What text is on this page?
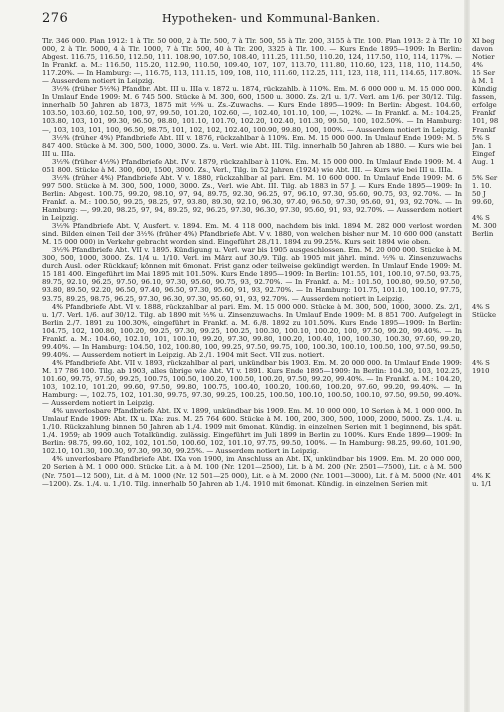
276	Hypotheken- und Kommunal-Banken.

Tlr. 346 000. Plan 1912: 1 à Tlr. 50 000, 2 à Tlr. 500, 7 à Tlr. 500, 55 à Tlr. 200, 3155 à Tlr. 100. Plan 1913: 2 à Tlr. 10 000, 2 à Tlr. 5000, 4 à Tlr. 1000, 7 à Tlr. 500, 40 à Tlr. 200, 3325 à Tlr. 100. — Kurs Ende 1895—1909: In Berlin: Abgest. 116.75, 116.50, 112.50, 111. 108.90, 107.50, 108.40, 111.25, 111.50, 110.20, 124, 117.50, 110, 114, 117%. — In Frankf. a. M.: 116.50, 115.20, 112.90, 110.50, 109.40, 107, 107, 113.70, 111.80, 110.60, 123, 118, 110, 114.50, 117.20%. — In Hamburg: —, 116.75, 113, 111.15, 109, 108, 110, 111.60, 112.25, 111, 123, 118, 111, 114.65, 117.80%. — Ausserdem notiert in Leipzig.

3½% (früher 5½%) Pfandbr. Abt. III u. IIIa v. 1872 u. 1874, rückzahlb. à 110%. Em. M. 6 000 000 u. M. 15 000 000. In Umlauf Ende 1909: M. 6 745 500. Stücke à M. 300, 600, 1500 u. 3000. Zs. 2/1 u. 1/7. Verl. am 1/6. per 30/12. Tilg. innerhalb 50 Jahren ab 1873, 1875 mit ½% u. Zs.-Zuwachs. — Kurs Ende 1895—1909: In Berlin: Abgest. 104.60, 103.50, 103.60, 102.50, 100, 97, 99.50, 101.20, 102.60, —, 102.40, 101.10, 100, —, 102%. — In Frankf. a. M.: 104.25, 103.80, 103, 101, 99.30, 96.50, 98.80, 101.10, 101.70, 102.20, 102.40, 101.30, 99.50, 100, 102.50%. — In Hamburg: —, 103, 103, 101, 100, 96.50, 98.75, 101, 102, 102, 102.40, 100.90, 99.80, 100, 100%. — Ausserdem notiert in Leipzig.

3½% (früher 4%) Pfandbriefe Abt. III v. 1876, rückzahlbar à 110%. Em. M. 15 000 000. In Umlauf Ende 1909: M. 5 847 400. Stücke à M. 300, 500, 1000, 3000. Zs. u. Verl. wie Abt. III. Tilg. innerhalb 50 Jahren ab 1880. — Kurs wie bei III u. IIIa.

3½% (früher 4½%) Pfandbriefe Abt. IV v. 1879, rückzahlbar à 110%. Em. M. 15 000 000. In Umlauf Ende 1909: M. 4 051 800. Stücke à M. 300, 600, 1500, 3000. Zs., Verl., Tilg. in 52 Jahren (1924) wie Abt. III. — Kurs wie bei III u. IIIa.

3½% (früher 4%) Pfandbriefe Abt. V v. 1880, rückzahlbar al pari. Em. M. 10 600 000. In Umlauf Ende 1909: M. 6 997 500. Stücke à M. 300, 500, 1000, 3000. Zs., Verl. wie Abt. III. Tilg. ab 1883 in 57 J. — Kurs Ende 1895—1909: In Berlin: Abgest. 100.75, 99.20, 98.10, 97, 94, 89.75, 92.30, 96.25, 97, 96.10, 97.30, 95.60, 90.75, 93, 92.70%. — In Frankf. a. M.: 100.50, 99.25, 98.25, 97, 93.80, 89.30, 92.10, 96.30, 97.40, 96.50, 97.30, 95.60, 91, 93, 92.70%. — In Hamburg: —, 99.20, 98.25, 97, 94, 89.25, 92, 96.25, 97.30, 96.30, 97.30, 95.60, 91, 93, 92.70%. — Ausserdem notiert in Leipzig.

3½% Pfandbriefe Abt. V, Ausfert. v. 1894. Em. M. 4 118 000, nachdem bis inkl. 1894 M. 282 000 verlost worden sind. Bilden einen Teil der 3½% (früher 4%) Pfandbriefe Abt. V v. 1880, von welchen bisher nur M. 10 600 000 (anstatt M. 15 000 000) in Verkehr gebracht worden sind. Eingeführt 28./11. 1894 zu 99.25%. Kurs seit 1894 wie oben.

3½% Pfandbriefe Abt. VII v. 1895. Kündigung u. Verl. war bis 1905 ausgeschlossen. Em. M. 20 000 000. Stücke à M. 300, 500, 1000, 3000. Zs. 1/4 u. 1/10. Verl. im März auf 30./9. Tilg. ab 1905 mit jährl. mind. ½% u. Zinsenzuwachs durch Ausl. oder Rückkauf; können mit 6monat. Frist ganz oder teilweise gekündigt werden. In Umlauf Ende 1909: M. 15 181 400. Eingeführt im Mai 1895 mit 101.50%. Kurs Ende 1895—1909: In Berlin: 101.55, 101, 100.10, 97.50, 93.75, 89.75, 92.10, 96.25, 97.50, 96.10, 97.30, 95.60, 90.75, 93, 92.70%. — In Frankf. a. M.: 101.50, 100.80, 99.50, 97.50, 93.80, 89.50, 92.20, 96.50, 97.40, 96.50, 97.30, 95.60, 91, 93, 92.70%. — In Hamburg: 101.75, 101.10, 100.10, 97.75, 93.75, 89.25, 98.75, 96.25, 97.30, 96.30, 97.30, 95.60, 91, 93, 92.70%. — Ausserdem notiert in Leipzig.

4% Pfandbriefe Abt. VI v. 1888, rückzahlbar al pari. Em. M. 15 000 000. Stücke à M. 300, 500, 1000, 3000. Zs. 2/1, u. 1/7. Verl. 1/6. auf 30/12. Tilg. ab 1890 mit ½% u. Zinsenzuwachs. In Umlauf Ende 1909: M. 8 851 700. Aufgelegt in Berlin 2./7. 1891 zu 100.30%, eingeführt in Frankf. a. M. 6./8. 1892 zu 101.50%. Kurs Ende 1895—1909: In Berlin: 104.75, 102, 100.80, 100.20, 99.25, 97.30, 99.25, 100.25, 100.30, 100.10, 100.20, 100, 97.50, 99.20, 99.40%. — In Frankf. a. M.: 104.60, 102.10, 101, 100.10, 99.20, 97.30, 99.80, 100.20, 100.40, 100, 100.30, 100.30, 97.60, 99.20, 99.40%. — In Hamburg: 104.50, 102, 100.80, 100, 99.25, 97.50, 99.75, 100, 100.30, 100.10, 100.50, 100, 97.50, 99.50, 99.40%. — Ausserdem notiert in Leipzig. Ab 2./1. 1904 mit Sect. VII zus. notiert.

4% Pfandbriefe Abt. VII v. 1893, rückzahlbar al pari, unkündbar bis 1903. Em. M. 20 000 000. In Umlauf Ende 1909: M. 17 786 100. Tilg. ab 1903, alles übrige wie Abt. VI v. 1891. Kurs Ende 1895—1909: In Berlin: 104.30, 103, 102.25, 101.60, 99.75, 97.50, 99.25, 100.75, 100.50, 100.20, 100.50, 100.20, 97.50, 99.20, 99.40%. — In Frankf. a. M.: 104.20, 103, 102.10, 101.20, 99.60, 97.50, 99.80, 100.75, 100.40, 100.20, 100.60, 100.20, 97.60, 99.20, 99.40%. — In Hamburg: —, 102.75, 102, 101.30, 99.75, 97.30, 99.25, 100.25, 100.50, 100.10, 100.50, 100.10, 97.50, 99.50, 99.40%. — Ausserdem notiert in Leipzig.

4% unverlosbare Pfandbriefe Abt. IX v. 1899, unkündbar bis 1909. Em. M. 10 000 000, 10 Serien à M. 1 000 000. In Umlauf Ende 1909: Abt. IX u. IXa: zus. M. 25 764 600. Stücke à M. 100, 200, 300, 500, 1000, 2000, 5000. Zs. 1./4. u. 1./10. Rückzahlung binnen 50 Jahren ab 1./4. 1909 mit 6monat. Kündig. in einzelnen Serien mit 1 beginnend, bis spät. 1./4. 1959; ab 1909 auch Totalkündig. zulässig. Eingeführt im Juli 1899 in Berlin zu 100%. Kurs Ende 1899—1909: In Berlin: 98.75, 99.60, 102, 102, 101.50, 100.60, 102, 101.10, 97.75, 99.50, 100%. — In Hamburg: 98.25, 99.60, 101.90, 102.10, 101.30, 100.30, 97.30, 99.30, 99.25%. — Ausserdem notiert in Leipzig.

4% unverlosbare Pfandbriefe Abt. IXa von 1900, im Anschluss an Abt. IX, unkündbar bis 1909. Em. M. 20 000 000, 20 Serien à M. 1 000 000. Stücke Lit. a à M. 100 (Nr. 1201—2500), Lit. b à M. 200 (Nr. 2501—7500), Lit. c à M. 500 (Nr. 7501—12 500), Lit. d à M. 1000 (Nr. 12 501—25 000), Lit. e à M. 2000 (Nr. 1001—3000), Lit. f à M. 5000 (Nr. 401—1200). Zs. 1./4. u. 1./10. Tilg. innerhalb 50 Jahren ab 1./4. 1910 mit 6monat. Kündig. in einzelnen Serien mit

XI beg
davon
Notier
4%
15 Ser
à M. 1
Kündig
fassen,
erfolge
Frankf
101, 98
Frankf
5% S
Jan. 1
Eingef
Aug. 1
5% Ser
1. 10.
50 J
99.60,
4% S
M. 300
Berlin
4% S
Stücke
4% S
1910
4% K
u. 1/1
